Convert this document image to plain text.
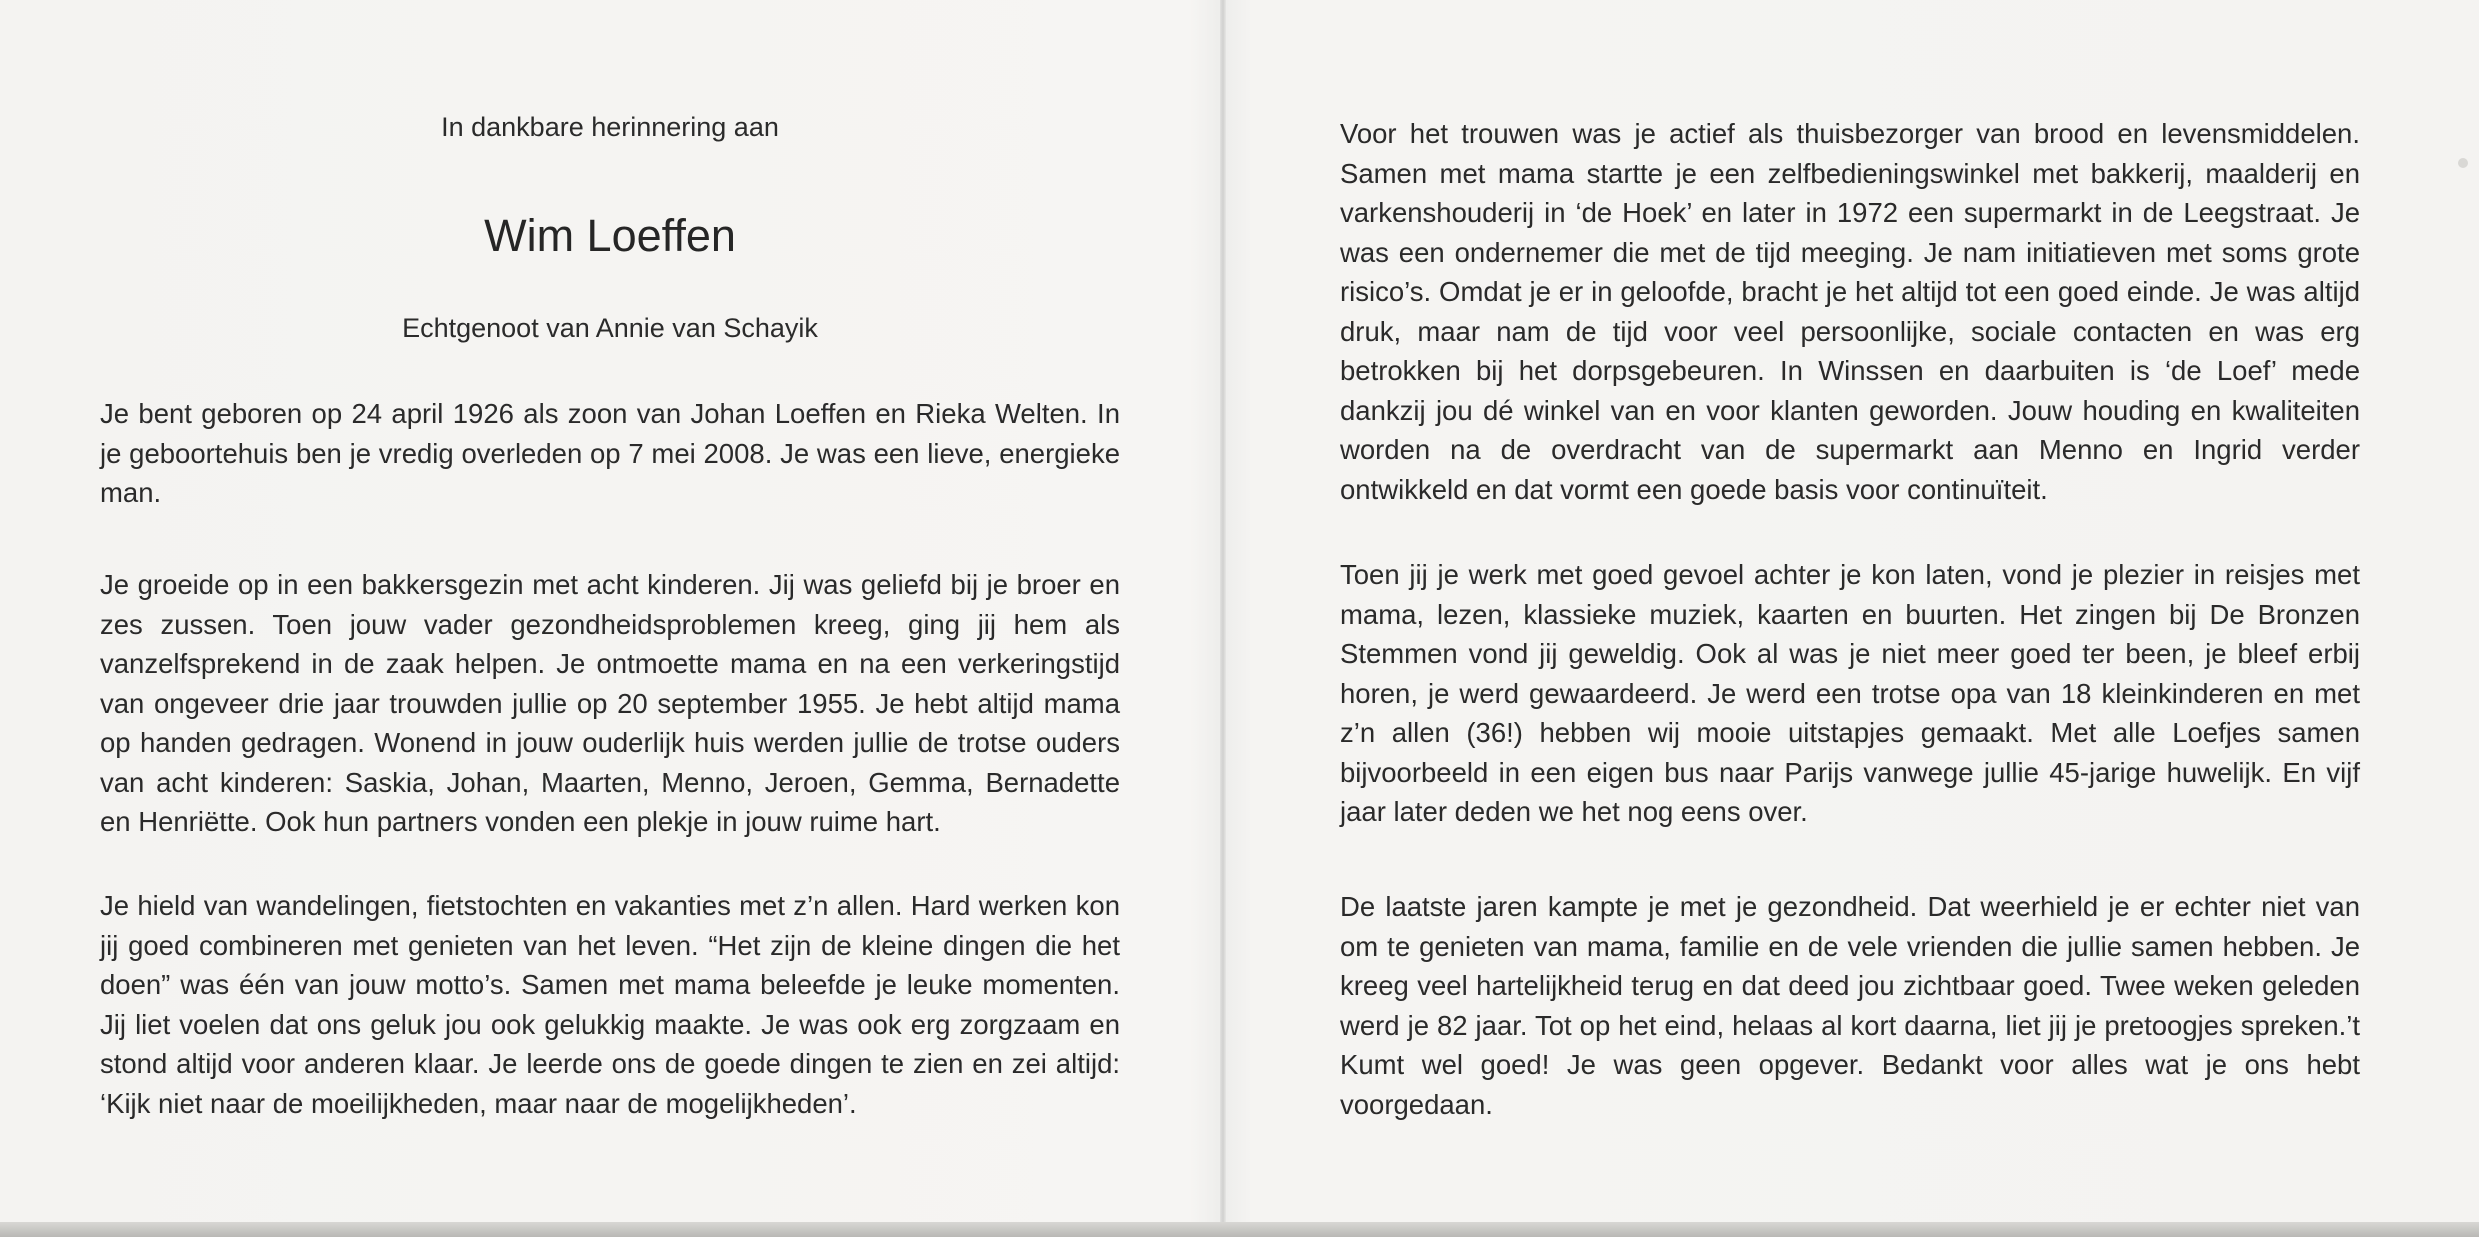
In dankbare herinnering aan
Wim Loeffen
Echtgenoot van Annie van Schayik

Je bent geboren op 24 april 1926 als zoon van Johan Loeffen en Rieka Welten. In je geboortehuis ben je vredig overleden op 7 mei 2008. Je was een lieve, energieke man.

Je groeide op in een bakkersgezin met acht kinderen. Jij was geliefd bij je broer en zes zussen. Toen jouw vader gezondheidsproblemen kreeg, ging jij hem als vanzelfsprekend in de zaak helpen. Je ontmoette mama en na een verkeringstijd van ongeveer drie jaar trouwden jullie op 20 september 1955. Je hebt altijd mama op handen gedragen. Wonend in jouw ouderlijk huis werden jullie de trotse ouders van acht kinderen: Saskia, Johan, Maarten, Menno, Jeroen, Gemma, Bernadette en Henriëtte. Ook hun partners vonden een plekje in jouw ruime hart.

Je hield van wandelingen, fietstochten en vakanties met z’n allen. Hard werken kon jij goed combineren met genieten van het leven. “Het zijn de kleine dingen die het doen” was één van jouw motto’s. Samen met mama beleefde je leuke momenten. Jij liet voelen dat ons geluk jou ook gelukkig maakte. Je was ook erg zorgzaam en stond altijd voor anderen klaar. Je leerde ons de goede dingen te zien en zei altijd: ‘Kijk niet naar de moeilijkheden, maar naar de mogelijkheden’.

Voor het trouwen was je actief als thuisbezorger van brood en levensmiddelen. Samen met mama startte je een zelfbedieningswinkel met bakkerij, maalderij en varkenshouderij in ‘de Hoek’ en later in 1972 een supermarkt in de Leegstraat. Je was een ondernemer die met de tijd meeging. Je nam initiatieven met soms grote risico’s. Omdat je er in geloofde, bracht je het altijd tot een goed einde. Je was altijd druk, maar nam de tijd voor veel persoonlijke, sociale contacten en was erg betrokken bij het dorpsgebeuren. In Winssen en daarbuiten is ‘de Loef’ mede dankzij jou dé winkel van en voor klanten geworden. Jouw houding en kwaliteiten worden na de overdracht van de supermarkt aan Menno en Ingrid verder ontwikkeld en dat vormt een goede basis voor continuïteit.

Toen jij je werk met goed gevoel achter je kon laten, vond je plezier in reisjes met mama, lezen, klassieke muziek, kaarten en buurten. Het zingen bij De Bronzen Stemmen vond jij geweldig. Ook al was je niet meer goed ter been, je bleef erbij horen, je werd gewaardeerd. Je werd een trotse opa van 18 kleinkinderen en met z’n allen (36!) hebben wij mooie uitstapjes gemaakt. Met alle Loefjes samen bijvoorbeeld in een eigen bus naar Parijs vanwege jullie 45-jarige huwelijk. En vijf jaar later deden we het nog eens over.

De laatste jaren kampte je met je gezondheid. Dat weerhield je er echter niet van om te genieten van mama, familie en de vele vrienden die jullie samen hebben. Je kreeg veel hartelijkheid terug en dat deed jou zichtbaar goed. Twee weken geleden werd je 82 jaar. Tot op het eind, helaas al kort daarna, liet jij je pretoogjes spreken.’t Kumt wel goed! Je was geen opgever. Bedankt voor alles wat je ons hebt voorgedaan.
